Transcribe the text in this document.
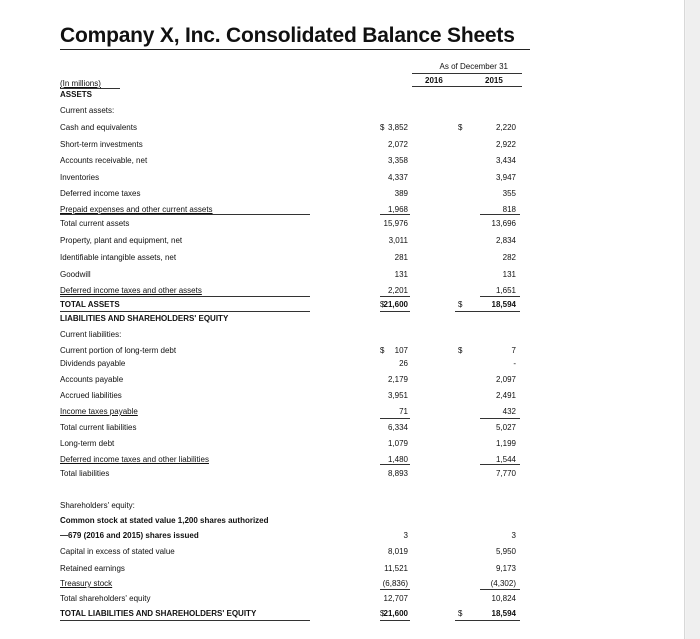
Company X, Inc. Consolidated Balance Sheets
As of December 31
2016	2015
(In millions)
ASSETS
Current assets:
Cash and equivalents	$ 3,852	$	2,220
Short-term investments	2,072	2,922
Accounts receivable, net	3,358	3,434
Inventories	4,337	3,947
Deferred income taxes	389	355
Prepaid expenses and other current assets	1,968	818
Total current assets	15,976	13,696
Property, plant and equipment, net	3,011	2,834
Identifiable intangible assets, net	281	282
Goodwill	131	131
Deferred income taxes and other assets	2,201	1,651
TOTAL ASSETS	$ 21,600	$	18,594
LIABILITIES AND SHAREHOLDERS' EQUITY
Current liabilities:
Current portion of long-term debt	$	107	$	7
Dividends payable	26	-
Accounts payable	2,179	2,097
Accrued liabilities	3,951	2,491
Income taxes payable	71	432
Total current liabilities	6,334	5,027
Long-term debt	1,079	1,199
Deferred income taxes and other liabilities	1,480	1,544
Total liabilities	8,893	7,770
Shareholders' equity:
Common stock at stated value 1,200 shares authorized
—679 (2016 and 2015) shares issued	3	3
Capital in excess of stated value	8,019	5,950
Retained earnings	11,521	9,173
Treasury stock	(6,836)	(4,302)
Total shareholders' equity	12,707	10,824
TOTAL LIABILITIES AND SHAREHOLDERS' EQUITY	$ 21,600	$	18,594
